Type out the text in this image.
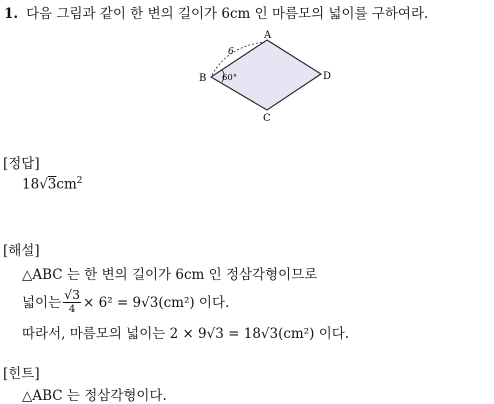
1. 다음 그림과 같이 한 변의 길이가 6cm 인 마름모의 넓이를 구하여라.
A
B
C
D
6
60°
[정답]
$18√3cm^2$
[해설]
△ABC 는 한 변의 길이가 6cm 인 정삼각형이므로
넓이는 $\frac{√3}{4} \times 6^2 = 9√3(cm^2)$ 이다.
따라서, 마름모의 넓이는 2 × 9√3 = 18√3(cm²) 이다.
[힌트]
△ABC 는 정삼각형이다.
